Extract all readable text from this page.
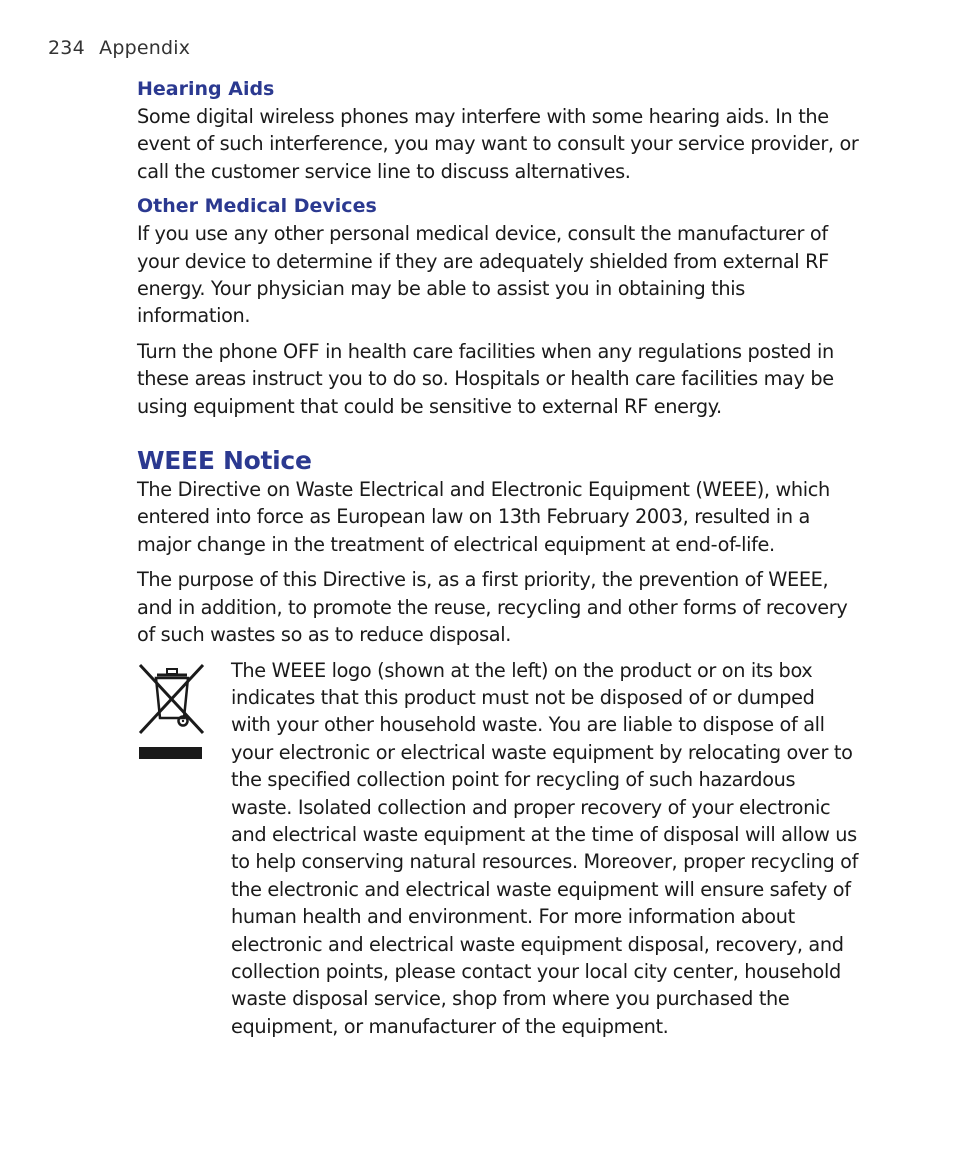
234 Appendix
Hearing Aids

Some digital wireless phones may interfere with some hearing aids. In the event of such interference, you may want to consult your service provider, or call the customer service line to discuss alternatives.

Other Medical Devices

If you use any other personal medical device, consult the manufacturer of your device to determine if they are adequately shielded from external RF energy. Your physician may be able to assist you in obtaining this information.

Turn the phone OFF in health care facilities when any regulations posted in these areas instruct you to do so. Hospitals or health care facilities may be using equipment that could be sensitive to external RF energy.

WEEE Notice

The Directive on Waste Electrical and Electronic Equipment (WEEE), which entered into force as European law on 13th February 2003, resulted in a major change in the treatment of electrical equipment at end-of-life.

The purpose of this Directive is, as a first priority, the prevention of WEEE, and in addition, to promote the reuse, recycling and other forms of recovery of such wastes so as to reduce disposal.

The WEEE logo (shown at the left) on the product or on its box indicates that this product must not be disposed of or dumped with your other household waste. You are liable to dispose of all your electronic or electrical waste equipment by relocating over to the specified collection point for recycling of such hazardous waste. Isolated collection and proper recovery of your electronic and electrical waste equipment at the time of disposal will allow us to help conserving natural resources. Moreover, proper recycling of the electronic and electrical waste equipment will ensure safety of human health and environment. For more information about electronic and electrical waste equipment disposal, recovery, and collection points, please contact your local city center, household waste disposal service, shop from where you purchased the equipment, or manufacturer of the equipment.
